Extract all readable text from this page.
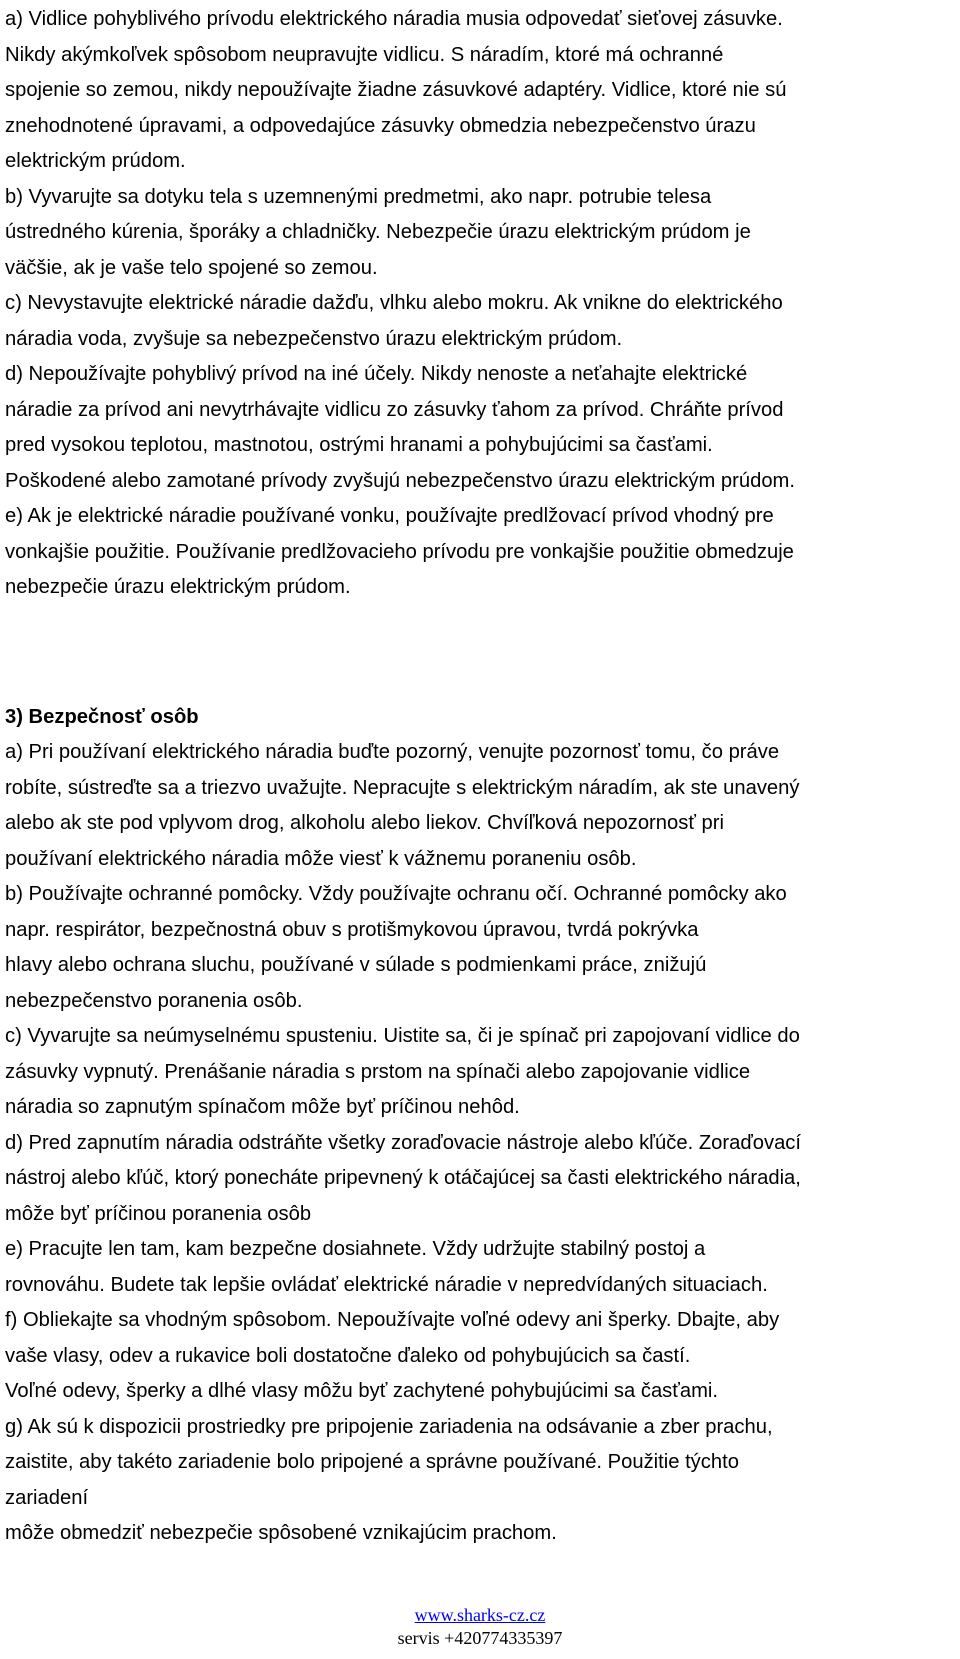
a) Vidlice pohyblivého prívodu elektrického náradia musia odpovedať sieťovej zásuvke.
Nikdy akýmkoľvek spôsobom neupravujte vidlicu. S náradím, ktoré má ochranné
spojenie so zemou, nikdy nepoužívajte žiadne zásuvkové adaptéry. Vidlice, ktoré nie sú
znehodnotené úpravami, a odpovedajúce zásuvky obmedzia nebezpečenstvo úrazu
elektrickým prúdom.
b) Vyvarujte sa dotyku tela s uzemnenými predmetmi, ako napr. potrubie telesa
ústredného kúrenia, šporáky a chladničky. Nebezpečie úrazu elektrickým prúdom je
väčšie, ak je vaše telo spojené so zemou.
c) Nevystavujte elektrické náradie dažďu, vlhku alebo mokru. Ak vnikne do elektrického
náradia voda, zvyšuje sa nebezpečenstvo úrazu elektrickým prúdom.
d) Nepoužívajte pohyblivý prívod na iné účely. Nikdy nenoste a neťahajte elektrické
náradie za prívod ani nevytrhávajte vidlicu zo zásuvky ťahom za prívod. Chráňte prívod
pred vysokou teplotou, mastnotou, ostrými hranami a pohybujúcimi sa časťami.
Poškodené alebo zamotané prívody zvyšujú nebezpečenstvo úrazu elektrickým prúdom.
e) Ak je elektrické náradie používané vonku, používajte predlžovací prívod vhodný pre
vonkajšie použitie. Používanie predlžovacieho prívodu pre vonkajšie použitie obmedzuje
nebezpečie úrazu elektrickým prúdom.
3) Bezpečnosť osôb
a) Pri používaní elektrického náradia buďte pozorný, venujte pozornosť tomu, čo práve
robíte, sústreďte sa a triezvo uvažujte. Nepracujte s elektrickým náradím, ak ste unavený
alebo ak ste pod vplyvom drog, alkoholu alebo liekov. Chvíľková nepozornosť pri
používaní elektrického náradia môže viesť k vážnemu poraneniu osôb.
b) Používajte ochranné pomôcky. Vždy používajte ochranu očí. Ochranné pomôcky ako
napr. respirátor, bezpečnostná obuv s protišmykovou úpravou, tvrdá pokrývka
hlavy alebo ochrana sluchu, používané v súlade s podmienkami práce, znižujú
nebezpečenstvo poranenia osôb.
c) Vyvarujte sa neúmyselnému spusteniu. Uistite sa, či je spínač pri zapojovaní vidlice do
zásuvky vypnutý. Prenášanie náradia s prstom na spínači alebo zapojovanie vidlice
náradia so zapnutým spínačom môže byť príčinou nehôd.
d) Pred zapnutím náradia odstráňte všetky zoraďovacie nástroje alebo kľúče. Zoraďovací
nástroj alebo kľúč, ktorý ponecháte pripevnený k otáčajúcej sa časti elektrického náradia,
môže byť príčinou poranenia osôb
e) Pracujte len tam, kam bezpečne dosiahnete. Vždy udržujte stabilný postoj a
rovnováhu. Budete tak lepšie ovládať elektrické náradie v nepredvídaných situaciach.
f) Obliekajte sa vhodným spôsobom. Nepoužívajte voľné odevy ani šperky. Dbajte, aby
vaše vlasy, odev a rukavice boli dostatočne ďaleko od pohybujúcich sa častí.
Voľné odevy, šperky a dlhé vlasy môžu byť zachytené pohybujúcimi sa časťami.
g) Ak sú k dispozicii prostriedky pre pripojenie zariadenia na odsávanie a zber prachu,
zaistite, aby takéto zariadenie bolo pripojené a správne používané. Použitie týchto
zariadení
môže obmedziť nebezpečie spôsobené vznikajúcim prachom.
www.sharks-cz.cz
servis +420774335397
